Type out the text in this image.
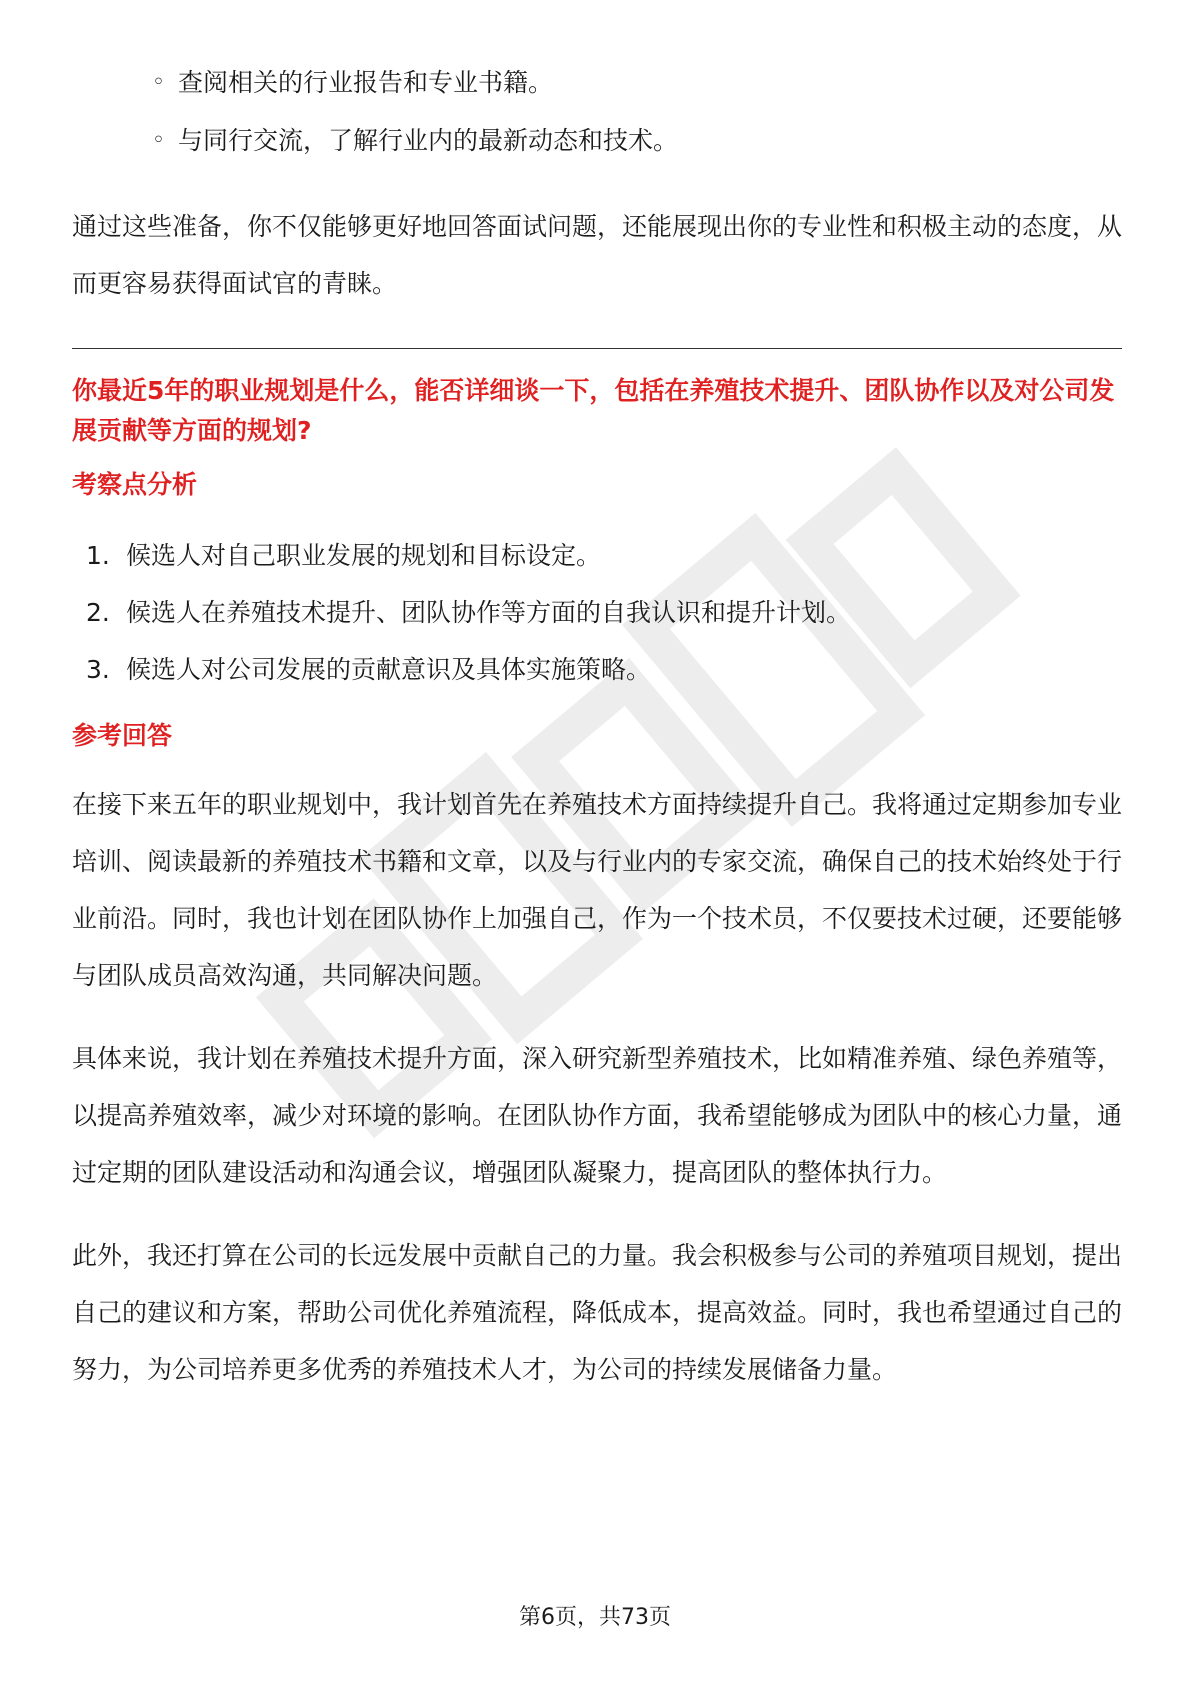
◦ 查阅相关的行业报告和专业书籍。
◦ 与同行交流，了解行业内的最新动态和技术。

通过这些准备，你不仅能够更好地回答面试问题，还能展现出你的专业性和积极主动的态度，从而更容易获得面试官的青睐。

你最近5年的职业规划是什么，能否详细谈一下，包括在养殖技术提升、团队协作以及对公司发展贡献等方面的规划?

考察点分析

1. 候选人对自己职业发展的规划和目标设定。
2. 候选人在养殖技术提升、团队协作等方面的自我认识和提升计划。
3. 候选人对公司发展的贡献意识及具体实施策略。

参考回答

在接下来五年的职业规划中，我计划首先在养殖技术方面持续提升自己。我将通过定期参加专业培训、阅读最新的养殖技术书籍和文章，以及与行业内的专家交流，确保自己的技术始终处于行业前沿。同时，我也计划在团队协作上加强自己，作为一个技术员，不仅要技术过硬，还要能够与团队成员高效沟通，共同解决问题。

具体来说，我计划在养殖技术提升方面，深入研究新型养殖技术，比如精准养殖、绿色养殖等，以提高养殖效率，减少对环境的影响。在团队协作方面，我希望能够成为团队中的核心力量，通过定期的团队建设活动和沟通会议，增强团队凝聚力，提高团队的整体执行力。

此外，我还打算在公司的长远发展中贡献自己的力量。我会积极参与公司的养殖项目规划，提出自己的建议和方案，帮助公司优化养殖流程，降低成本，提高效益。同时，我也希望通过自己的努力，为公司培养更多优秀的养殖技术人才，为公司的持续发展储备力量。

第6页，共73页
